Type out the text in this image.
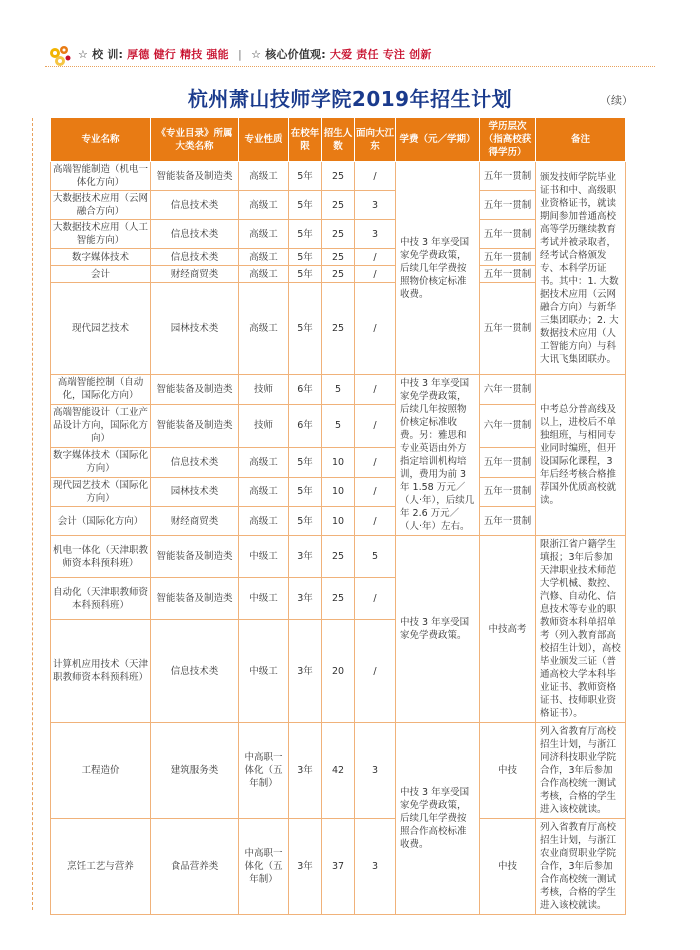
☆ 校 训: 厚德 健行 精技 强能 | ☆ 核心价值观: 大爱 责任 专注 创新
杭州萧山技师学院2019年招生计划	（续）
专业名称	《专业目录》所属大类名称	专业性质	在校年限	招生人数	面向大江东	学费（元／学期）	学历层次（指高校获得学历）	备注
高端智能制造（机电一体化方向）	智能装备及制造类	高级工	5年	25	/	中技 3 年享受国家免学费政策，后续几年学费按照物价核定标准收费。	五年一贯制	颁发技师学院毕业证书和中、高级职业资格证书，就读期间参加普通高校高等学历继续教育考试并被录取者，经考试合格颁发专、本科学历证书。其中：1. 大数据技术应用（云网融合方向）与新华三集团联办；2. 大数据技术应用（人工智能方向）与科大讯飞集团联办。
大数据技术应用（云网融合方向）	信息技术类	高级工	5年	25	3		五年一贯制	
大数据技术应用（人工智能方向）	信息技术类	高级工	5年	25	3		五年一贯制	
数字媒体技术	信息技术类	高级工	5年	25	/		五年一贯制	
会计	财经商贸类	高级工	5年	25	/		五年一贯制	
现代园艺技术	园林技术类	高级工	5年	25	/		五年一贯制	
高端智能控制（自动化，国际化方向）	智能装备及制造类	技师	6年	5	/	中技 3 年享受国家免学费政策，后续几年按照物价核定标准收费。另：雅思和专业英语由外方指定培训机构培训，费用为前 3 年 1.58 万元／（人·年），后续几年 2.6 万元／（人·年）左右。	六年一贯制	中考总分普高线及以上，进校后不单独组班，与相同专业同时编班，但开设国际化课程，3年后经考核合格推荐国外优质高校就读。
高端智能设计（工业产品设计方向，国际化方向）	智能装备及制造类	技师	6年	5	/		六年一贯制	
数字媒体技术（国际化方向）	信息技术类	高级工	5年	10	/		五年一贯制	
现代园艺技术（国际化方向）	园林技术类	高级工	5年	10	/		五年一贯制	
会计（国际化方向）	财经商贸类	高级工	5年	10	/		五年一贯制	
机电一体化（天津职教师资本科预科班）	智能装备及制造类	中级工	3年	25	5	中技 3 年享受国家免学费政策。	中技高考	限浙江省户籍学生填报；3年后参加天津职业技术师范大学机械、数控、汽修、自动化、信息技术等专业的职教师资本科单招单考（列入教育部高校招生计划），高校毕业颁发三证（普通高校大学本科毕业证书、教师资格证书、技师职业资格证书）。
自动化（天津职教师资本科预科班）	智能装备及制造类	中级工	3年	25	/			
计算机应用技术（天津职教师资本科预科班）	信息技术类	中级工	3年	20	/			
工程造价	建筑服务类	中高职一体化（五年制）	3年	42	3	中技 3 年享受国家免学费政策，后续几年学费按照合作高校标准收费。	中技	列入省教育厅高校招生计划，与浙江同济科技职业学院合作，3年后参加合作高校统一测试考核，合格的学生进入该校就读。
烹饪工艺与营养	食品营养类	中高职一体化（五年制）	3年	37	3		中技	列入省教育厅高校招生计划，与浙江农业商贸职业学院合作，3年后参加合作高校统一测试考核，合格的学生进入该校就读。
